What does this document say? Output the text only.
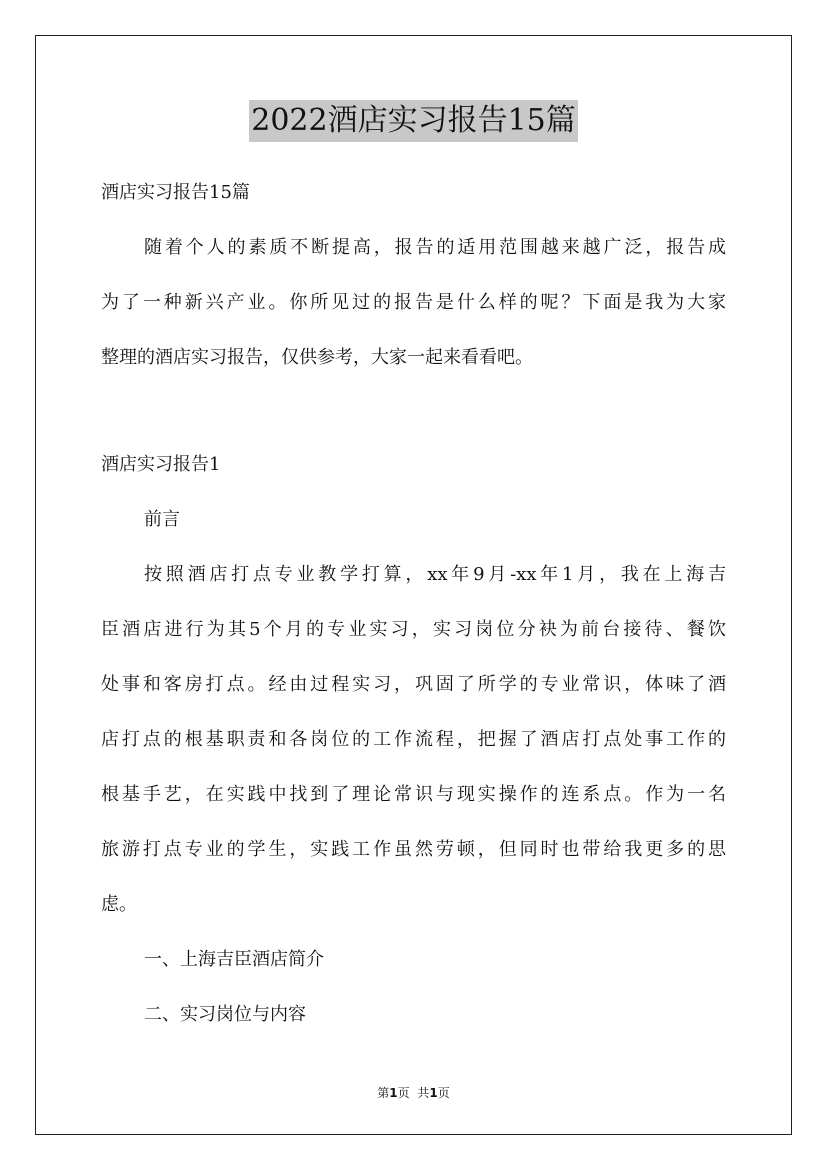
2022酒店实习报告15篇
酒店实习报告15篇
随着个人的素质不断提高，报告的适用范围越来越广泛，报告成
为了一种新兴产业。你所见过的报告是什么样的呢？下面是我为大家
整理的酒店实习报告，仅供参考，大家一起来看看吧。
酒店实习报告1
前言
按照酒店打点专业教学打算，xx年9月-xx年1月，我在上海吉
臣酒店进行为其5个月的专业实习，实习岗位分袂为前台接待、餐饮
处事和客房打点。经由过程实习，巩固了所学的专业常识，体味了酒
店打点的根基职责和各岗位的工作流程，把握了酒店打点处事工作的
根基手艺，在实践中找到了理论常识与现实操作的连系点。作为一名
旅游打点专业的学生，实践工作虽然劳顿，但同时也带给我更多的思
虑。
一、上海吉臣酒店简介
二、实习岗位与内容
第1页 共1页
